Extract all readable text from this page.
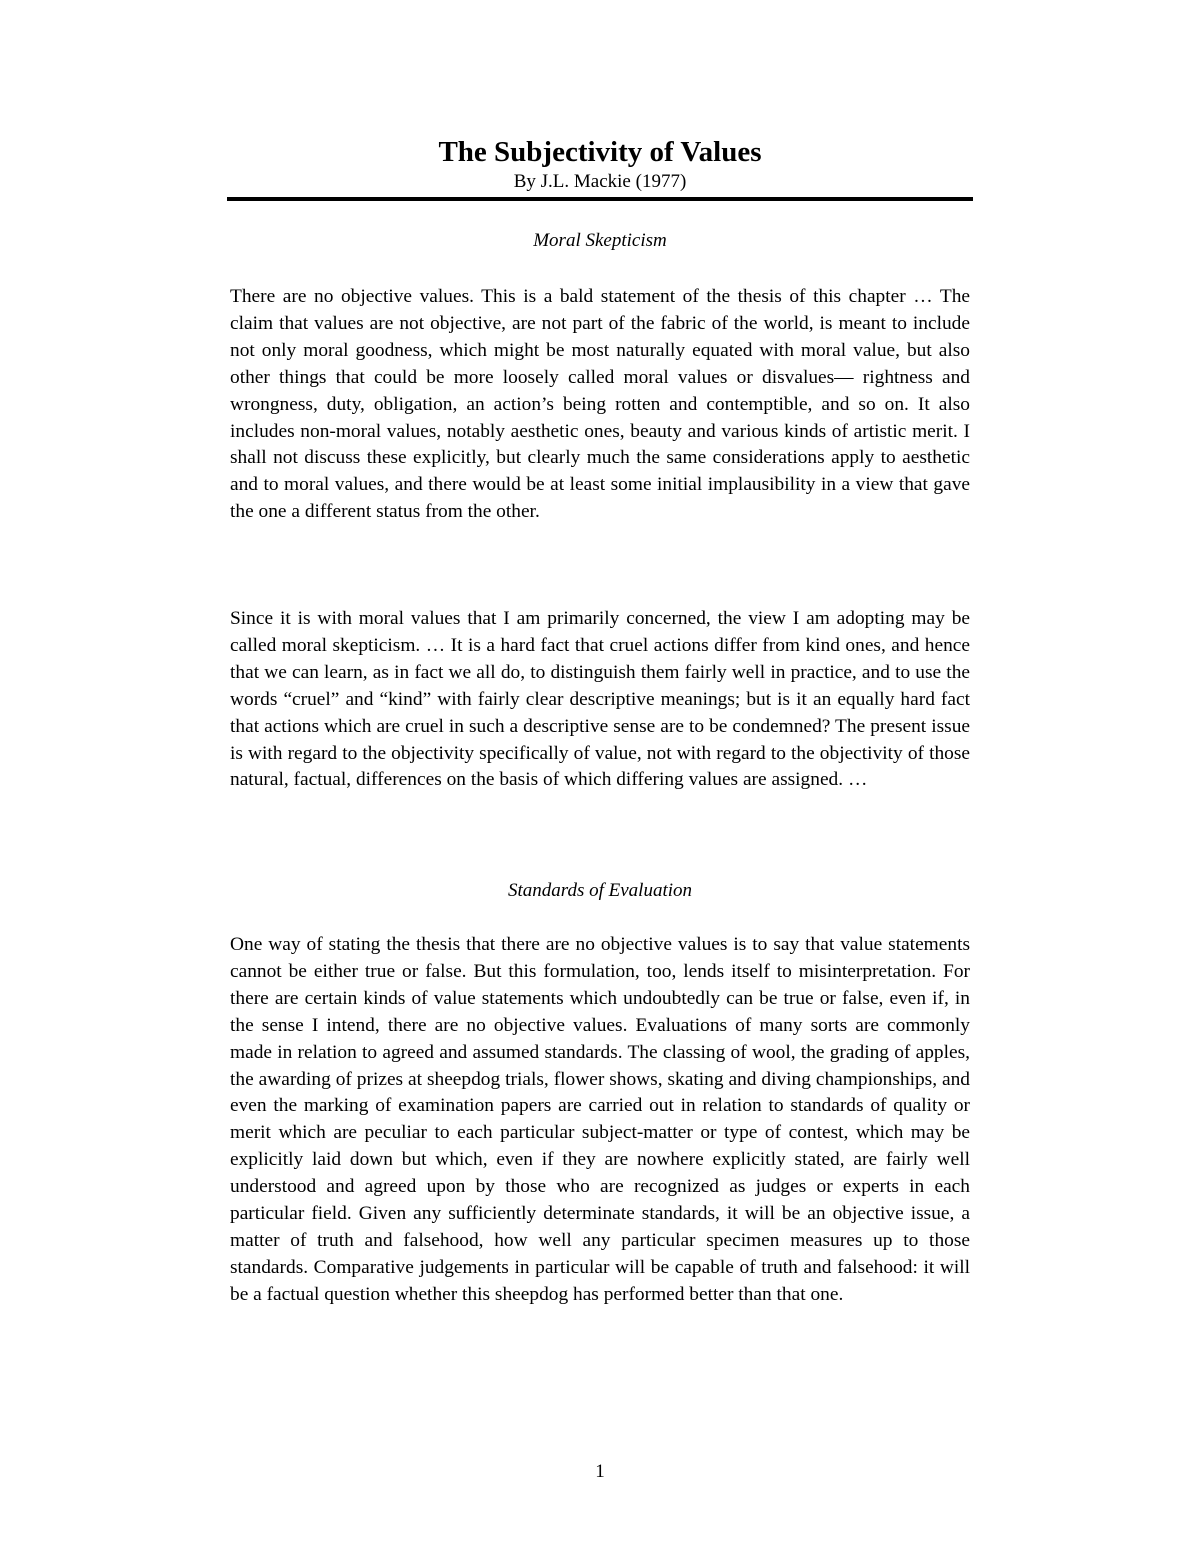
The Subjectivity of Values
By J.L. Mackie (1977)
Moral Skepticism

There are no objective values. This is a bald statement of the thesis of this chapter … The claim that values are not objective, are not part of the fabric of the world, is meant to include not only moral goodness, which might be most naturally equated with moral value, but also other things that could be more loosely called moral values or disvalues— rightness and wrongness, duty, obligation, an action’s being rotten and contemptible, and so on. It also includes non-moral values, notably aesthetic ones, beauty and various kinds of artistic merit. I shall not discuss these explicitly, but clearly much the same considerations apply to aesthetic and to moral values, and there would be at least some initial implausibility in a view that gave the one a different status from the other.

Since it is with moral values that I am primarily concerned, the view I am adopting may be called moral skepticism. … It is a hard fact that cruel actions differ from kind ones, and hence that we can learn, as in fact we all do, to distinguish them fairly well in practice, and to use the words “cruel” and “kind” with fairly clear descriptive meanings; but is it an equally hard fact that actions which are cruel in such a descriptive sense are to be condemned? The present issue is with regard to the objectivity specifically of value, not with regard to the objectivity of those natural, factual, differences on the basis of which differing values are assigned. …

Standards of Evaluation

One way of stating the thesis that there are no objective values is to say that value statements cannot be either true or false. But this formulation, too, lends itself to misinterpretation. For there are certain kinds of value statements which undoubtedly can be true or false, even if, in the sense I intend, there are no objective values. Evaluations of many sorts are commonly made in relation to agreed and assumed standards. The classing of wool, the grading of apples, the awarding of prizes at sheepdog trials, flower shows, skating and diving championships, and even the marking of examination papers are carried out in relation to standards of quality or merit which are peculiar to each particular subject-matter or type of contest, which may be explicitly laid down but which, even if they are nowhere explicitly stated, are fairly well understood and agreed upon by those who are recognized as judges or experts in each particular field. Given any sufficiently determinate standards, it will be an objective issue, a matter of truth and falsehood, how well any particular specimen measures up to those standards. Comparative judgements in particular will be capable of truth and falsehood: it will be a factual question whether this sheepdog has performed better than that one.

1
